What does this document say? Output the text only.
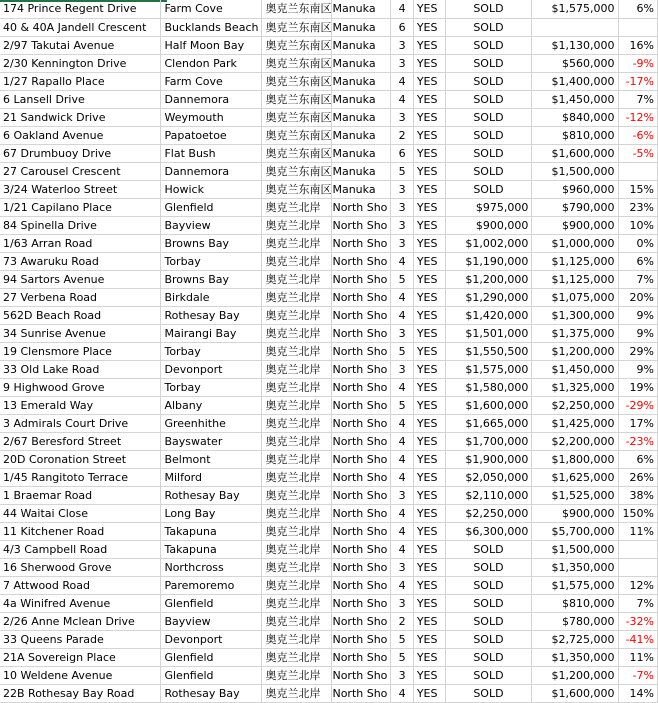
174 Prince Regent Drive	Farm Cove	奥克兰东南区	Manuka	4	YES	SOLD	$1,575,000	6%
40 & 40A Jandell Crescent	Bucklands Beach	奥克兰东南区	Manuka	6	YES	SOLD		
2/97 Takutai Avenue	Half Moon Bay	奥克兰东南区	Manuka	3	YES	SOLD	$1,130,000	16%
2/30 Kennington Drive	Clendon Park	奥克兰东南区	Manuka	3	YES	SOLD	$560,000	-9%
1/27 Rapallo Place	Farm Cove	奥克兰东南区	Manuka	4	YES	SOLD	$1,400,000	-17%
6 Lansell Drive	Dannemora	奥克兰东南区	Manuka	4	YES	SOLD	$1,450,000	7%
21 Sandwick Drive	Weymouth	奥克兰东南区	Manuka	3	YES	SOLD	$840,000	-12%
6 Oakland Avenue	Papatoetoe	奥克兰东南区	Manuka	2	YES	SOLD	$810,000	-6%
67 Drumbuoy Drive	Flat Bush	奥克兰东南区	Manuka	6	YES	SOLD	$1,600,000	-5%
27 Carousel Crescent	Dannemora	奥克兰东南区	Manuka	5	YES	SOLD	$1,500,000	
3/24 Waterloo Street	Howick	奥克兰东南区	Manuka	3	YES	SOLD	$960,000	15%
1/21 Capilano Place	Glenfield	奥克兰北岸	North Sho	3	YES	$975,000	$790,000	23%
84 Spinella Drive	Bayview	奥克兰北岸	North Sho	3	YES	$900,000	$900,000	10%
1/63 Arran Road	Browns Bay	奥克兰北岸	North Sho	3	YES	$1,002,000	$1,000,000	0%
73 Awaruku Road	Torbay	奥克兰北岸	North Sho	4	YES	$1,190,000	$1,125,000	6%
94 Sartors Avenue	Browns Bay	奥克兰北岸	North Sho	5	YES	$1,200,000	$1,125,000	7%
27 Verbena Road	Birkdale	奥克兰北岸	North Sho	4	YES	$1,290,000	$1,075,000	20%
562D Beach Road	Rothesay Bay	奥克兰北岸	North Sho	4	YES	$1,420,000	$1,300,000	9%
34 Sunrise Avenue	Mairangi Bay	奥克兰北岸	North Sho	3	YES	$1,501,000	$1,375,000	9%
19 Clensmore Place	Torbay	奥克兰北岸	North Sho	5	YES	$1,550,500	$1,200,000	29%
33 Old Lake Road	Devonport	奥克兰北岸	North Sho	3	YES	$1,575,000	$1,450,000	9%
9 Highwood Grove	Torbay	奥克兰北岸	North Sho	4	YES	$1,580,000	$1,325,000	19%
13 Emerald Way	Albany	奥克兰北岸	North Sho	5	YES	$1,600,000	$2,250,000	-29%
3 Admirals Court Drive	Greenhithe	奥克兰北岸	North Sho	4	YES	$1,665,000	$1,425,000	17%
2/67 Beresford Street	Bayswater	奥克兰北岸	North Sho	4	YES	$1,700,000	$2,200,000	-23%
20D Coronation Street	Belmont	奥克兰北岸	North Sho	4	YES	$1,900,000	$1,800,000	6%
1/45 Rangitoto Terrace	Milford	奥克兰北岸	North Sho	4	YES	$2,050,000	$1,625,000	26%
1 Braemar Road	Rothesay Bay	奥克兰北岸	North Sho	3	YES	$2,110,000	$1,525,000	38%
44 Waitai Close	Long Bay	奥克兰北岸	North Sho	4	YES	$2,250,000	$900,000	150%
11 Kitchener Road	Takapuna	奥克兰北岸	North Sho	4	YES	$6,300,000	$5,700,000	11%
4/3 Campbell Road	Takapuna	奥克兰北岸	North Sho	4	YES	SOLD	$1,500,000	
16 Sherwood Grove	Northcross	奥克兰北岸	North Sho	3	YES	SOLD	$1,350,000	
7 Attwood Road	Paremoremo	奥克兰北岸	North Sho	4	YES	SOLD	$1,575,000	12%
4a Winifred Avenue	Glenfield	奥克兰北岸	North Sho	3	YES	SOLD	$810,000	7%
2/26 Anne Mclean Drive	Bayview	奥克兰北岸	North Sho	2	YES	SOLD	$780,000	-32%
33 Queens Parade	Devonport	奥克兰北岸	North Sho	5	YES	SOLD	$2,725,000	-41%
21A Sovereign Place	Glenfield	奥克兰北岸	North Sho	5	YES	SOLD	$1,350,000	11%
10 Weldene Avenue	Glenfield	奥克兰北岸	North Sho	3	YES	SOLD	$1,200,000	-7%
22B Rothesay Bay Road	Rothesay Bay	奥克兰北岸	North Sho	4	YES	SOLD	$1,600,000	14%
